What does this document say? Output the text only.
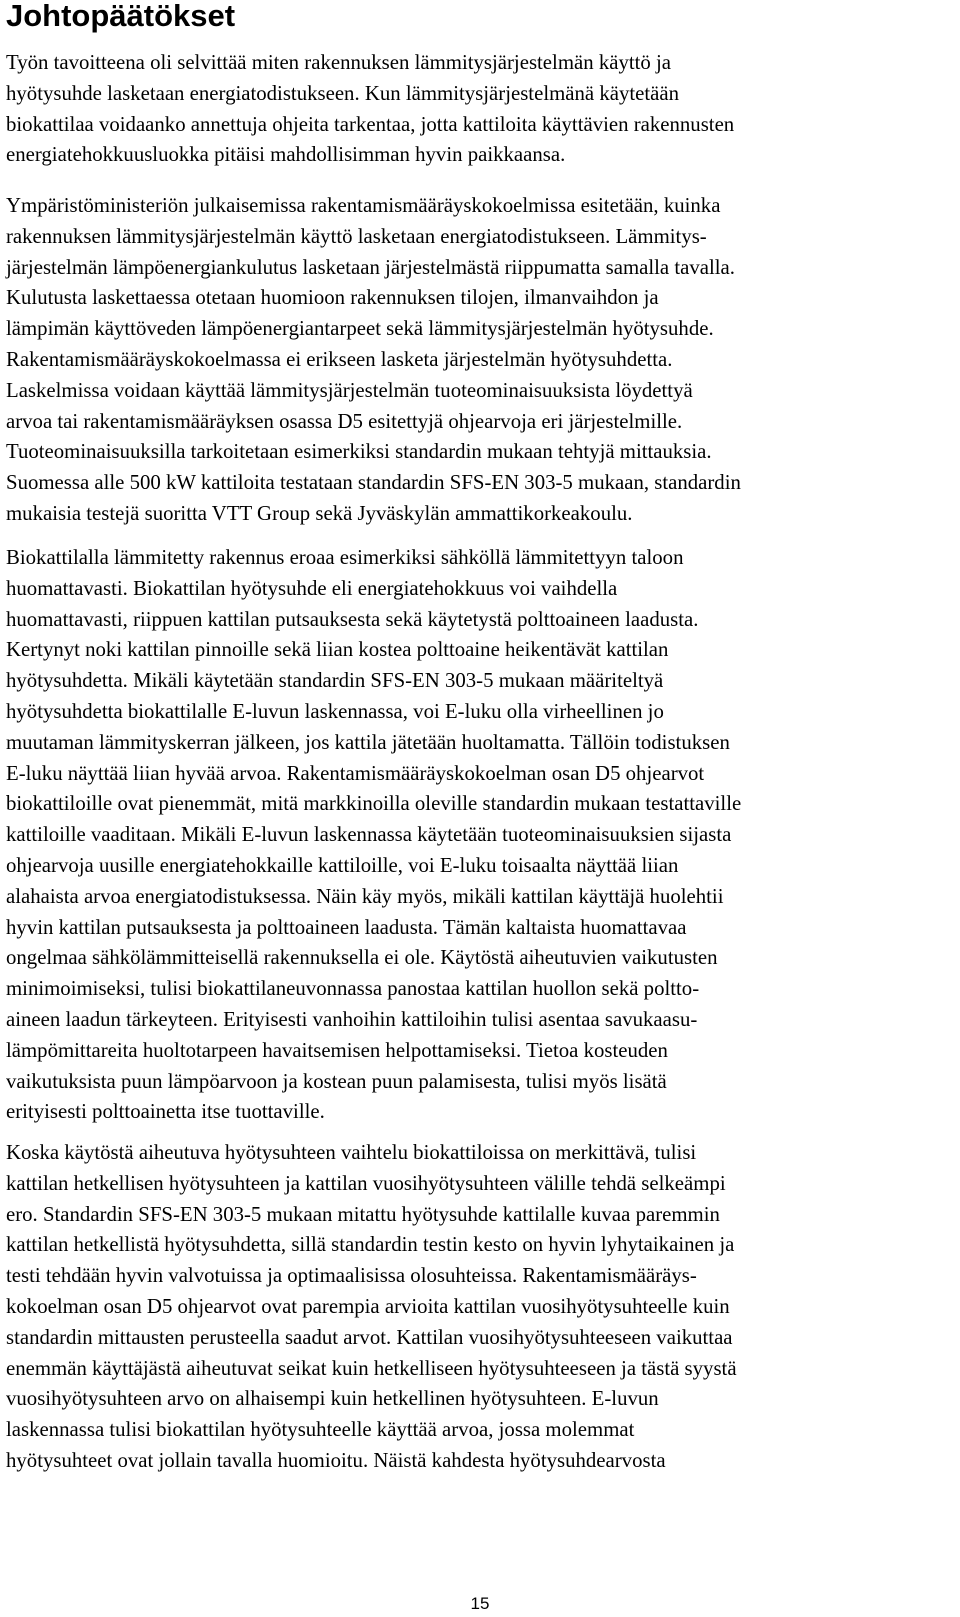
Johtopäätökset

Työn tavoitteena oli selvittää miten rakennuksen lämmitysjärjestelmän käyttö ja
hyötysuhde lasketaan energiatodistukseen. Kun lämmitysjärjestelmänä käytetään
biokattilaa voidaanko annettuja ohjeita tarkentaa, jotta kattiloita käyttävien rakennusten
energiatehokkuusluokka pitäisi mahdollisimman hyvin paikkaansa.

Ympäristöministeriön julkaisemissa rakentamismääräyskokoelmissa esitetään, kuinka
rakennuksen lämmitysjärjestelmän käyttö lasketaan energiatodistukseen. Lämmitys-
järjestelmän lämpöenergiankulutus lasketaan järjestelmästä riippumatta samalla tavalla.
Kulutusta laskettaessa otetaan huomioon rakennuksen tilojen, ilmanvaihdon ja
lämpimän käyttöveden lämpöenergiantarpeet sekä lämmitysjärjestelmän hyötysuhde.
Rakentamismääräyskokoelmassa ei erikseen lasketa järjestelmän hyötysuhdetta.
Laskelmissa voidaan käyttää lämmitysjärjestelmän tuoteominaisuuksista löydettyä
arvoa tai rakentamismääräyksen osassa D5 esitettyjä ohjearvoja eri järjestelmille.
Tuoteominaisuuksilla tarkoitetaan esimerkiksi standardin mukaan tehtyjä mittauksia.
Suomessa alle 500 kW kattiloita testataan standardin SFS-EN 303-5 mukaan, standardin
mukaisia testejä suoritta VTT Group sekä Jyväskylän ammattikorkeakoulu.

Biokattilalla lämmitetty rakennus eroaa esimerkiksi sähköllä lämmitettyyn taloon
huomattavasti. Biokattilan hyötysuhde eli energiatehokkuus voi vaihdella
huomattavasti, riippuen kattilan putsauksesta sekä käytetystä polttoaineen laadusta.
Kertynyt noki kattilan pinnoille sekä liian kostea polttoaine heikentävät kattilan
hyötysuhdetta. Mikäli käytetään standardin SFS-EN 303-5 mukaan määriteltyä
hyötysuhdetta biokattilalle E-luvun laskennassa, voi E-luku olla virheellinen jo
muutaman lämmityskerran jälkeen, jos kattila jätetään huoltamatta. Tällöin todistuksen
E-luku näyttää liian hyvää arvoa. Rakentamismääräyskokoelman osan D5 ohjearvot
biokattiloille ovat pienemmät, mitä markkinoilla oleville standardin mukaan testattaville
kattiloille vaaditaan. Mikäli E-luvun laskennassa käytetään tuoteominaisuuksien sijasta
ohjearvoja uusille energiatehokkaille kattiloille, voi E-luku toisaalta näyttää liian
alahaista arvoa energiatodistuksessa. Näin käy myös, mikäli kattilan käyttäjä huolehtii
hyvin kattilan putsauksesta ja polttoaineen laadusta. Tämän kaltaista huomattavaa
ongelmaa sähkölämmitteisellä rakennuksella ei ole. Käytöstä aiheutuvien vaikutusten
minimoimiseksi, tulisi biokattilaneuvonnassa panostaa kattilan huollon sekä poltto-
aineen laadun tärkeyteen. Erityisesti vanhoihin kattiloihin tulisi asentaa savukaasu-
lämpömittareita huoltotarpeen havaitsemisen helpottamiseksi. Tietoa kosteuden
vaikutuksista puun lämpöarvoon ja kostean puun palamisesta, tulisi myös lisätä
erityisesti polttoainetta itse tuottaville.

Koska käytöstä aiheutuva hyötysuhteen vaihtelu biokattiloissa on merkittävä, tulisi
kattilan hetkellisen hyötysuhteen ja kattilan vuosihyötysuhteen välille tehdä selkeämpi
ero. Standardin SFS-EN 303-5 mukaan mitattu hyötysuhde kattilalle kuvaa paremmin
kattilan hetkellistä hyötysuhdetta, sillä standardin testin kesto on hyvin lyhytaikainen ja
testi tehdään hyvin valvotuissa ja optimaalisissa olosuhteissa. Rakentamismääräys-
kokoelman osan D5 ohjearvot ovat parempia arvioita kattilan vuosihyötysuhteelle kuin
standardin mittausten perusteella saadut arvot. Kattilan vuosihyötysuhteeseen vaikuttaa
enemmän käyttäjästä aiheutuvat seikat kuin hetkelliseen hyötysuhteeseen ja tästä syystä
vuosihyötysuhteen arvo on alhaisempi kuin hetkellinen hyötysuhteen. E-luvun
laskennassa tulisi biokattilan hyötysuhteelle käyttää arvoa, jossa molemmat
hyötysuhteet ovat jollain tavalla huomioitu. Näistä kahdesta hyötysuhdearvosta

15
